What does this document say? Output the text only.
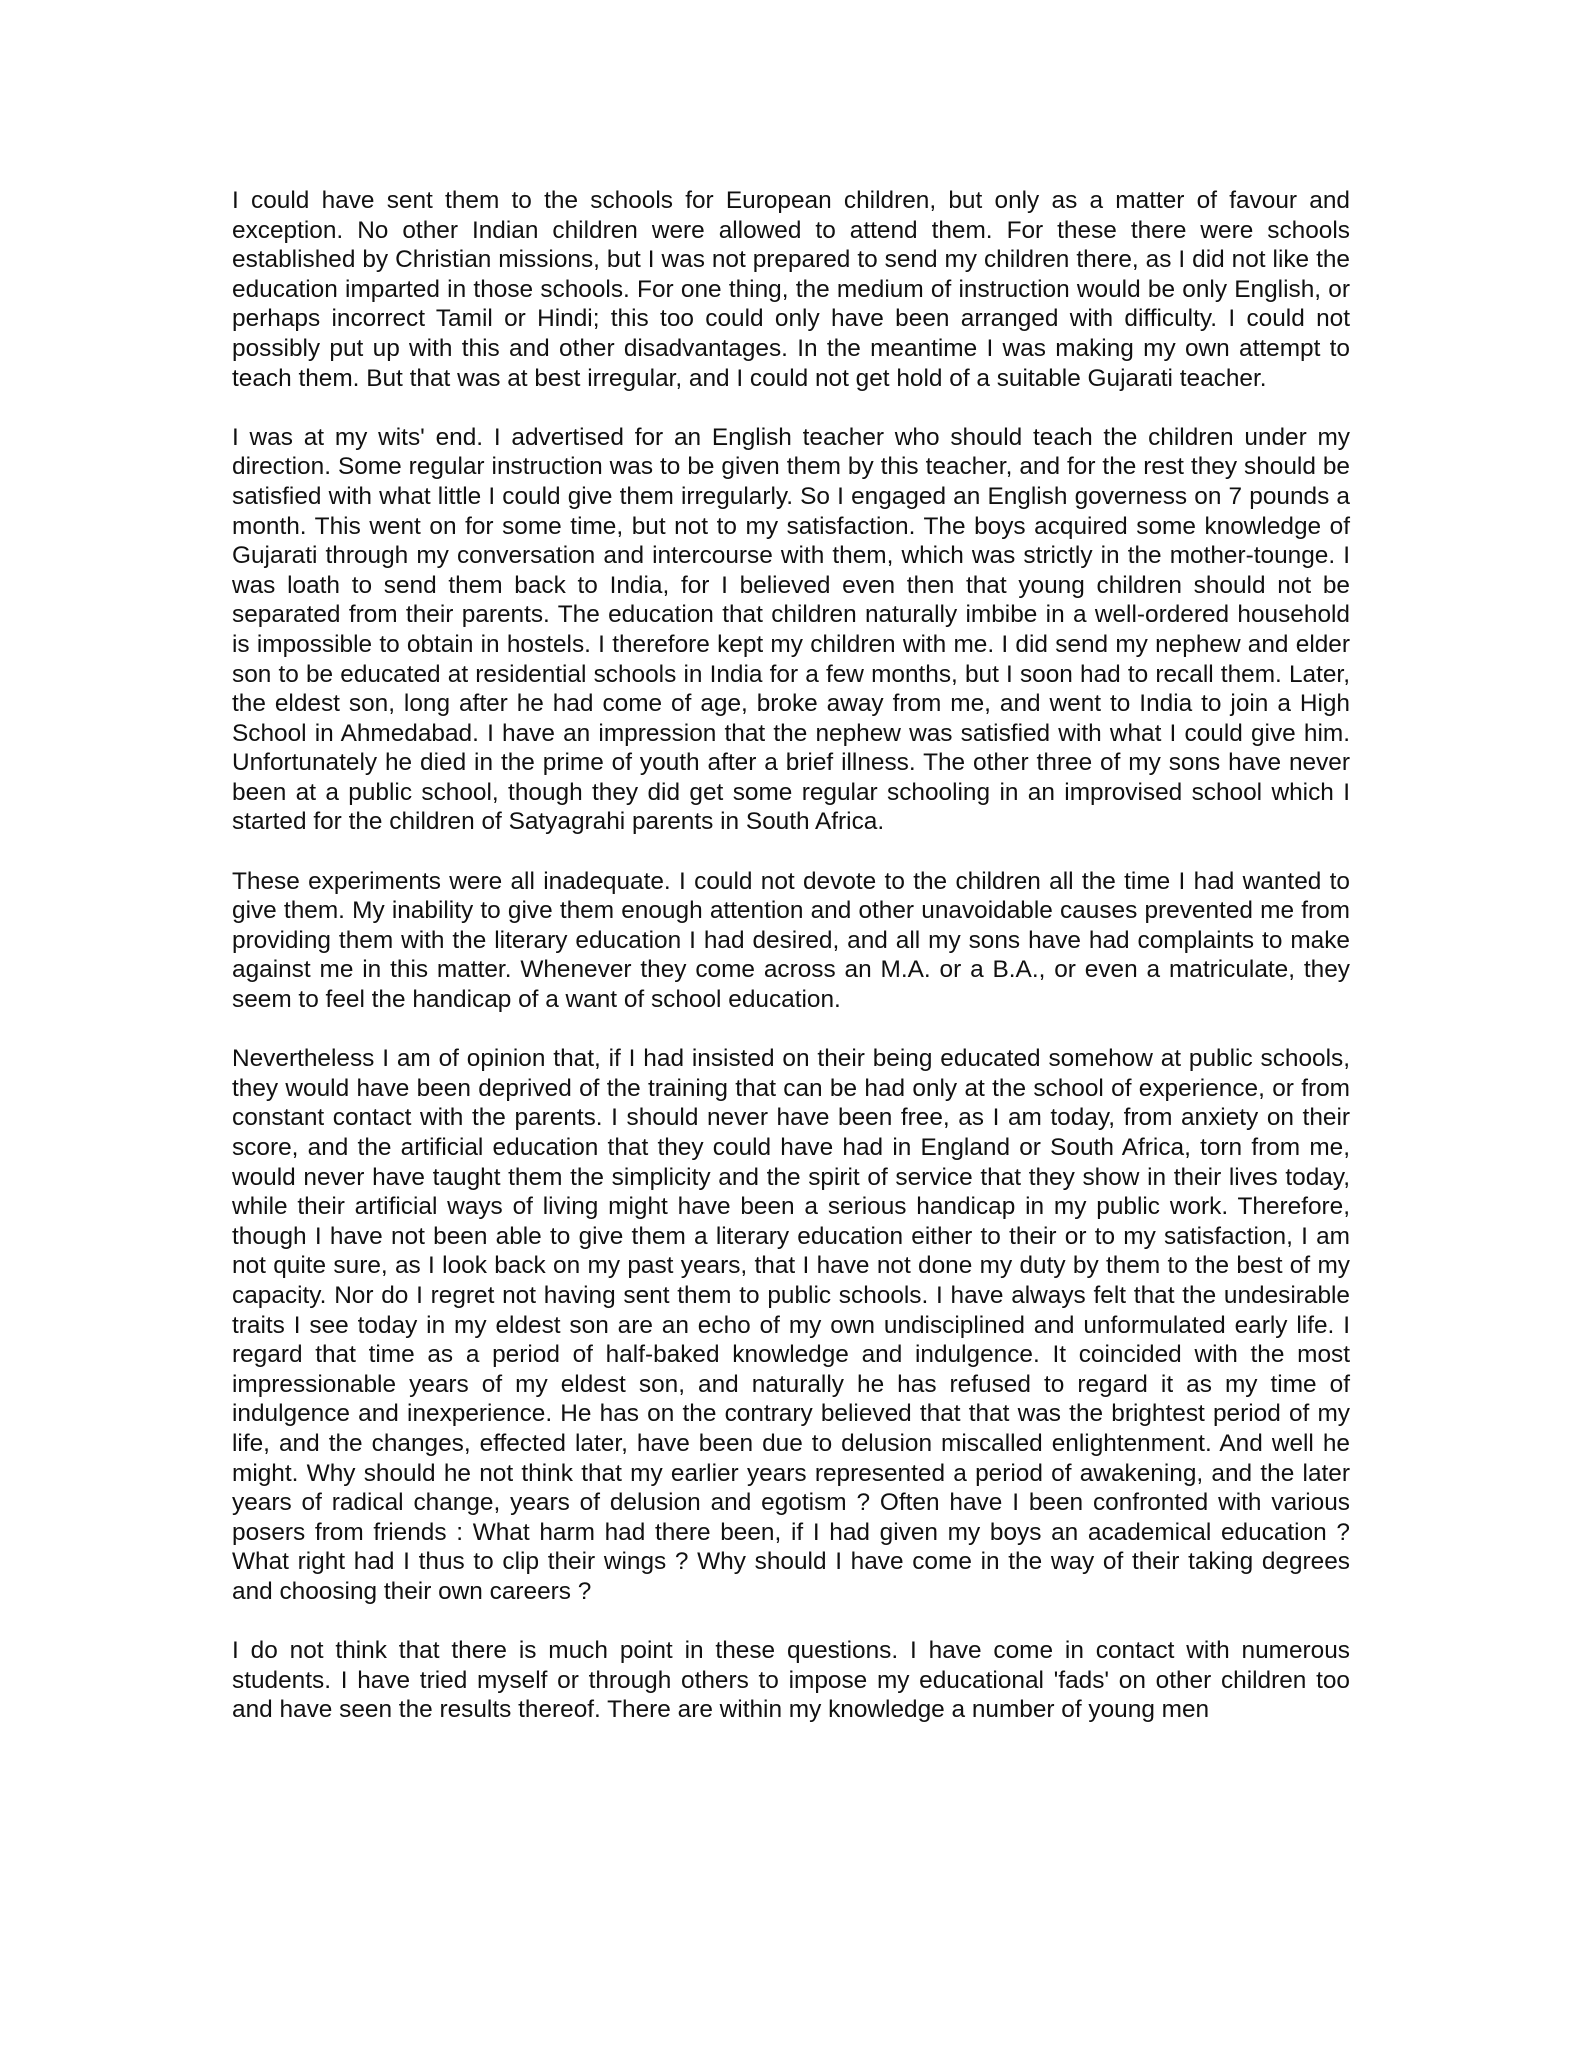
I could have sent them to the schools for European children, but only as a matter of favour and exception. No other Indian children were allowed to attend them. For these there were schools established by Christian missions, but I was not prepared to send my children there, as I did not like the education imparted in those schools. For one thing, the medium of instruction would be only English, or perhaps incorrect Tamil or Hindi; this too could only have been arranged with difficulty. I could not possibly put up with this and other disadvantages. In the meantime I was making my own attempt to teach them. But that was at best irregular, and I could not get hold of a suitable Gujarati teacher.

I was at my wits' end. I advertised for an English teacher who should teach the children under my direction. Some regular instruction was to be given them by this teacher, and for the rest they should be satisfied with what little I could give them irregularly. So I engaged an English governess on 7 pounds a month. This went on for some time, but not to my satisfaction. The boys acquired some knowledge of Gujarati through my conversation and intercourse with them, which was strictly in the mother-tounge. I was loath to send them back to India, for I believed even then that young children should not be separated from their parents. The education that children naturally imbibe in a well-ordered household is impossible to obtain in hostels. I therefore kept my children with me. I did send my nephew and elder son to be educated at residential schools in India for a few months, but I soon had to recall them. Later, the eldest son, long after he had come of age, broke away from me, and went to India to join a High School in Ahmedabad. I have an impression that the nephew was satisfied with what I could give him. Unfortunately he died in the prime of youth after a brief illness. The other three of my sons have never been at a public school, though they did get some regular schooling in an improvised school which I started for the children of Satyagrahi parents in South Africa.

These experiments were all inadequate. I could not devote to the children all the time I had wanted to give them. My inability to give them enough attention and other unavoidable causes prevented me from providing them with the literary education I had desired, and all my sons have had complaints to make against me in this matter. Whenever they come across an M.A. or a B.A., or even a matriculate, they seem to feel the handicap of a want of school education.

Nevertheless I am of opinion that, if I had insisted on their being educated somehow at public schools, they would have been deprived of the training that can be had only at the school of experience, or from constant contact with the parents. I should never have been free, as I am today, from anxiety on their score, and the artificial education that they could have had in England or South Africa, torn from me, would never have taught them the simplicity and the spirit of service that they show in their lives today, while their artificial ways of living might have been a serious handicap in my public work. Therefore, though I have not been able to give them a literary education either to their or to my satisfaction, I am not quite sure, as I look back on my past years, that I have not done my duty by them to the best of my capacity. Nor do I regret not having sent them to public schools. I have always felt that the undesirable traits I see today in my eldest son are an echo of my own undisciplined and unformulated early life. I regard that time as a period of half-baked knowledge and indulgence. It coincided with the most impressionable years of my eldest son, and naturally he has refused to regard it as my time of indulgence and inexperience. He has on the contrary believed that that was the brightest period of my life, and the changes, effected later, have been due to delusion miscalled enlightenment. And well he might. Why should he not think that my earlier years represented a period of awakening, and the later years of radical change, years of delusion and egotism ? Often have I been confronted with various posers from friends : What harm had there been, if I had given my boys an academical education ? What right had I thus to clip their wings ? Why should I have come in the way of their taking degrees and choosing their own careers ?

I do not think that there is much point in these questions. I have come in contact with numerous students. I have tried myself or through others to impose my educational 'fads' on other children too and have seen the results thereof. There are within my knowledge a number of young men
